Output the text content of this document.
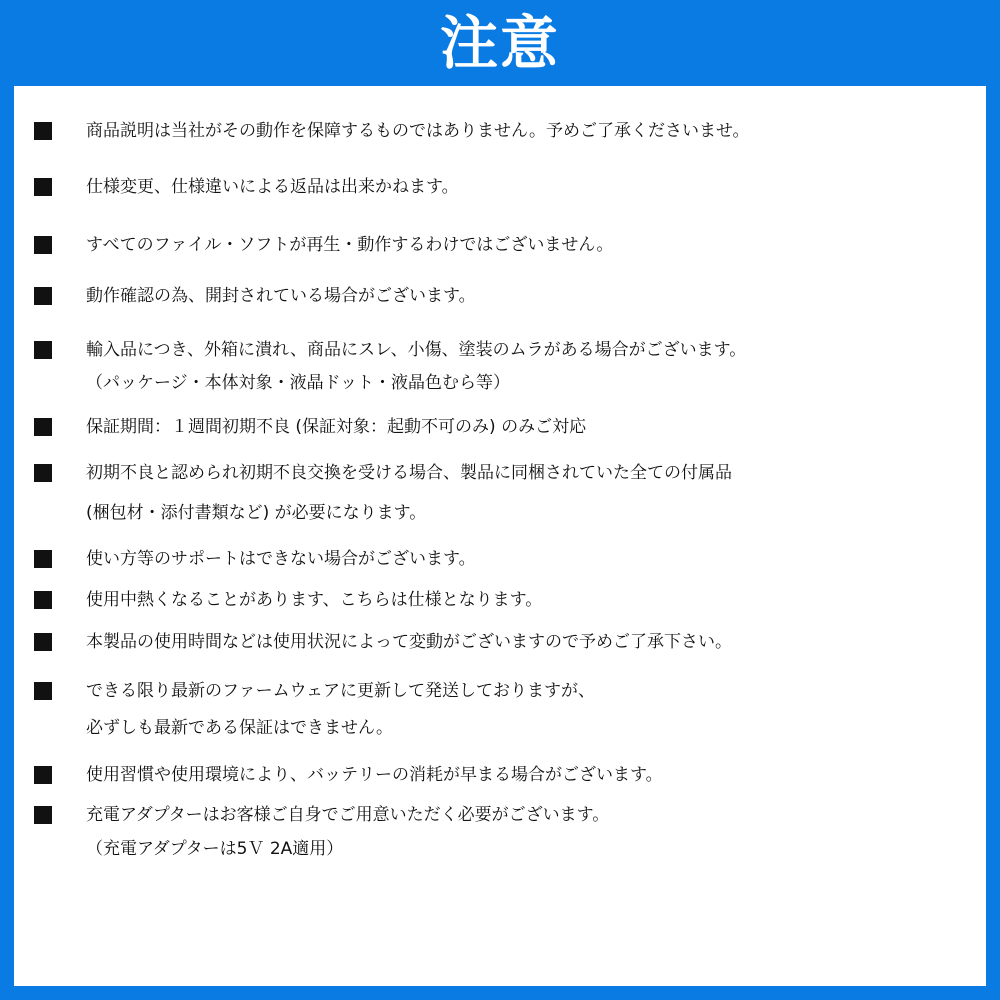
注意
商品説明は当社がその動作を保障するものではありません。予めご了承くださいませ。
仕様変更、仕様違いによる返品は出来かねます。
すべてのファイル・ソフトが再生・動作するわけではございません。
動作確認の為、開封されている場合がございます。
輸入品につき、外箱に潰れ、商品にスレ、小傷、塗装のムラがある場合がございます。
（パッケージ・本体対象・液晶ドット・液晶色むら等）
保証期間：１週間初期不良 (保証対象：起動不可のみ) のみご対応
初期不良と認められ初期不良交換を受ける場合、製品に同梱されていた全ての付属品
(梱包材・添付書類など) が必要になります。
使い方等のサポートはできない場合がございます。
使用中熱くなることがあります、こちらは仕様となります。
本製品の使用時間などは使用状況によって変動がございますので予めご了承下さい。
できる限り最新のファームウェアに更新して発送しておりますが、
必ずしも最新である保証はできません。
使用習慣や使用環境により、バッテリーの消耗が早まる場合がございます。
充電アダプターはお客様ご自身でご用意いただく必要がございます。
（充電アダプターは5Ｖ 2A適用）
